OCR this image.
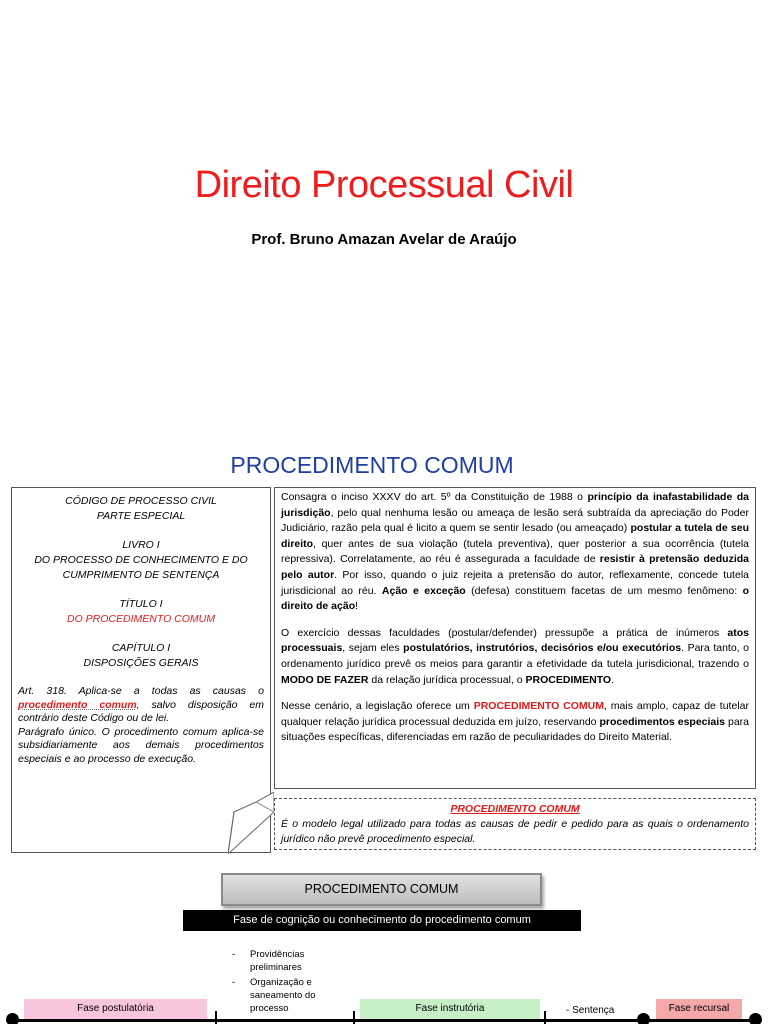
Direito Processual Civil
Prof. Bruno Amazan Avelar de Araújo
PROCEDIMENTO COMUM
CÓDIGO DE PROCESSO CIVIL
PARTE ESPECIAL
LIVRO I
DO PROCESSO DE CONHECIMENTO E DO CUMPRIMENTO DE SENTENÇA
TÍTULO I
DO PROCEDIMENTO COMUM
CAPÍTULO I
DISPOSIÇÕES GERAIS
Art. 318. Aplica-se a todas as causas o procedimento comum, salvo disposição em contrário deste Código ou de lei.
Parágrafo único. O procedimento comum aplica-se subsidiariamente aos demais procedimentos especiais e ao processo de execução.

Consagra o inciso XXXV do art. 5º da Constituição de 1988 o princípio da inafastabilidade da jurisdição, pelo qual nenhuma lesão ou ameaça de lesão será subtraída da apreciação do Poder Judiciário, razão pela qual é licito a quem se sentir lesado (ou ameaçado) postular a tutela de seu direito, quer antes de sua violação (tutela preventiva), quer posterior a sua ocorrência (tutela repressiva). Correlatamente, ao réu é assegurada a faculdade de resistir à pretensão deduzida pelo autor. Por isso, quando o juiz rejeita a pretensão do autor, reflexamente, concede tutela jurisdicional ao réu. Ação e exceção (defesa) constituem facetas de um mesmo fenômeno: o direito de ação!

O exercício dessas faculdades (postular/defender) pressupõe a prática de inúmeros atos processuais, sejam eles postulatórios, instrutórios, decisórios e/ou executórios. Para tanto, o ordenamento jurídico prevê os meios para garantir a efetividade da tutela jurisdicional, trazendo o MODO DE FAZER da relação jurídica processual, o PROCEDIMENTO.

Nesse cenário, a legislação oferece um PROCEDIMENTO COMUM, mais amplo, capaz de tutelar qualquer relação jurídica processual deduzida em juízo, reservando procedimentos especiais para situações específicas, diferenciadas em razão de peculiaridades do Direito Material.

PROCEDIMENTO COMUM
É o modelo legal utilizado para todas as causas de pedir e pedido para as quais o ordenamento jurídico não prevê procedimento especial.
PROCEDIMENTO COMUM
Fase de cognição ou conhecimento do procedimento comum
- Providências preliminares
- Organização e saneamento do processo
Fase postulatória	Fase instrutória	- Sentença	Fase recursal
